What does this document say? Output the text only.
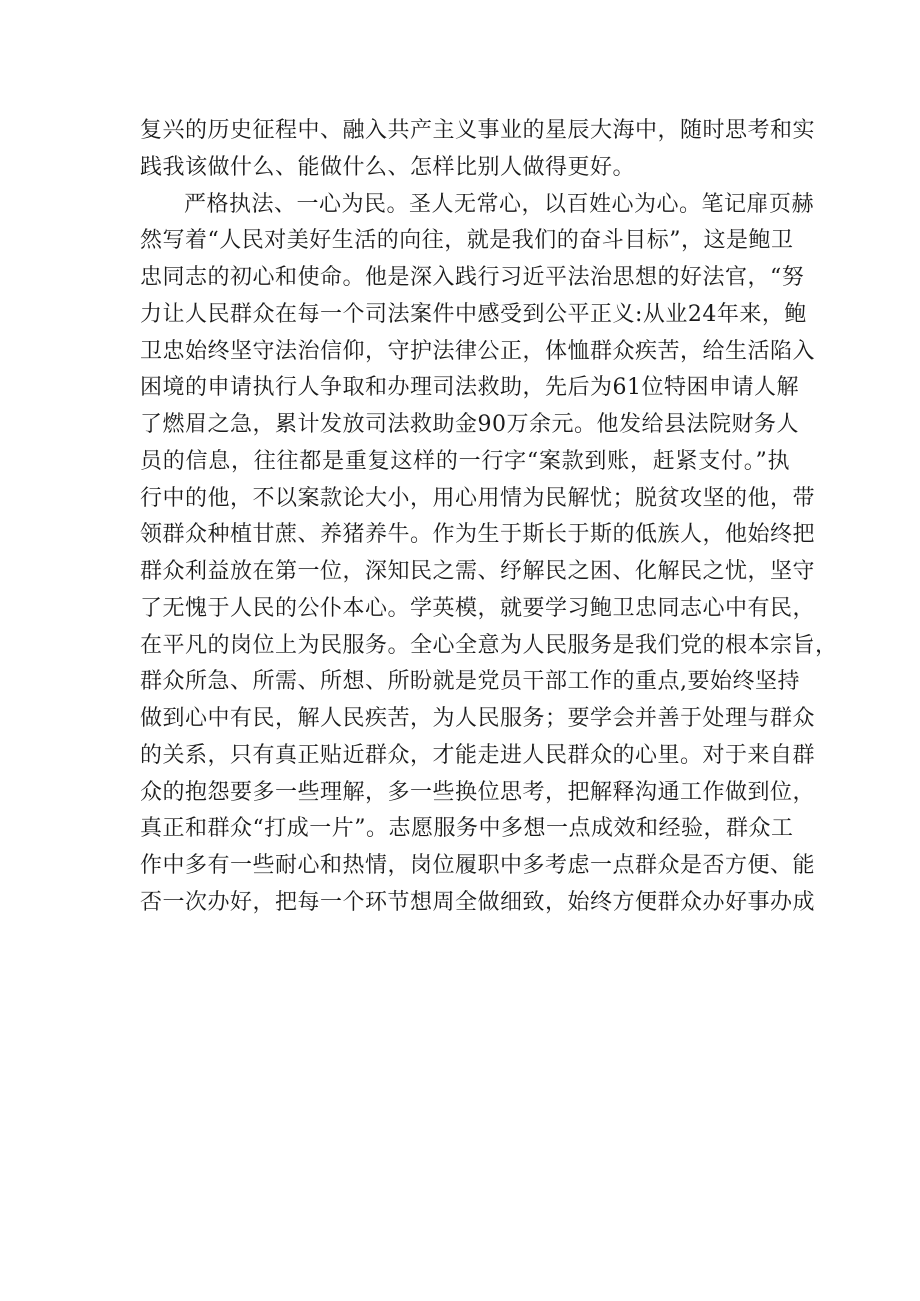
复兴的历史征程中、融入共产主义事业的星辰大海中，随时思考和实
践我该做什么、能做什么、怎样比别人做得更好。
严格执法、一心为民。圣人无常心，以百姓心为心。笔记扉页赫
然写着“人民对美好生活的向往，就是我们的奋斗目标”，这是鲍卫
忠同志的初心和使命。他是深入践行习近平法治思想的好法官，“努
力让人民群众在每一个司法案件中感受到公平正义:从业24年来，鲍
卫忠始终坚守法治信仰，守护法律公正，体恤群众疾苦，给生活陷入
困境的申请执行人争取和办理司法救助，先后为61位特困申请人解
了燃眉之急，累计发放司法救助金90万余元。他发给县法院财务人
员的信息，往往都是重复这样的一行字“案款到账，赶紧支付。”执
行中的他，不以案款论大小，用心用情为民解忧；脱贫攻坚的他，带
领群众种植甘蔗、养猪养牛。作为生于斯长于斯的低族人，他始终把
群众利益放在第一位，深知民之需、纾解民之困、化解民之忧，坚守
了无愧于人民的公仆本心。学英模，就要学习鲍卫忠同志心中有民，
在平凡的岗位上为民服务。全心全意为人民服务是我们党的根本宗旨，
群众所急、所需、所想、所盼就是党员干部工作的重点,要始终坚持
做到心中有民，解人民疾苦，为人民服务；要学会并善于处理与群众
的关系，只有真正贴近群众，才能走进人民群众的心里。对于来自群
众的抱怨要多一些理解，多一些换位思考，把解释沟通工作做到位，
真正和群众“打成一片”。志愿服务中多想一点成效和经验，群众工
作中多有一些耐心和热情，岗位履职中多考虑一点群众是否方便、能
否一次办好，把每一个环节想周全做细致，始终方便群众办好事办成
